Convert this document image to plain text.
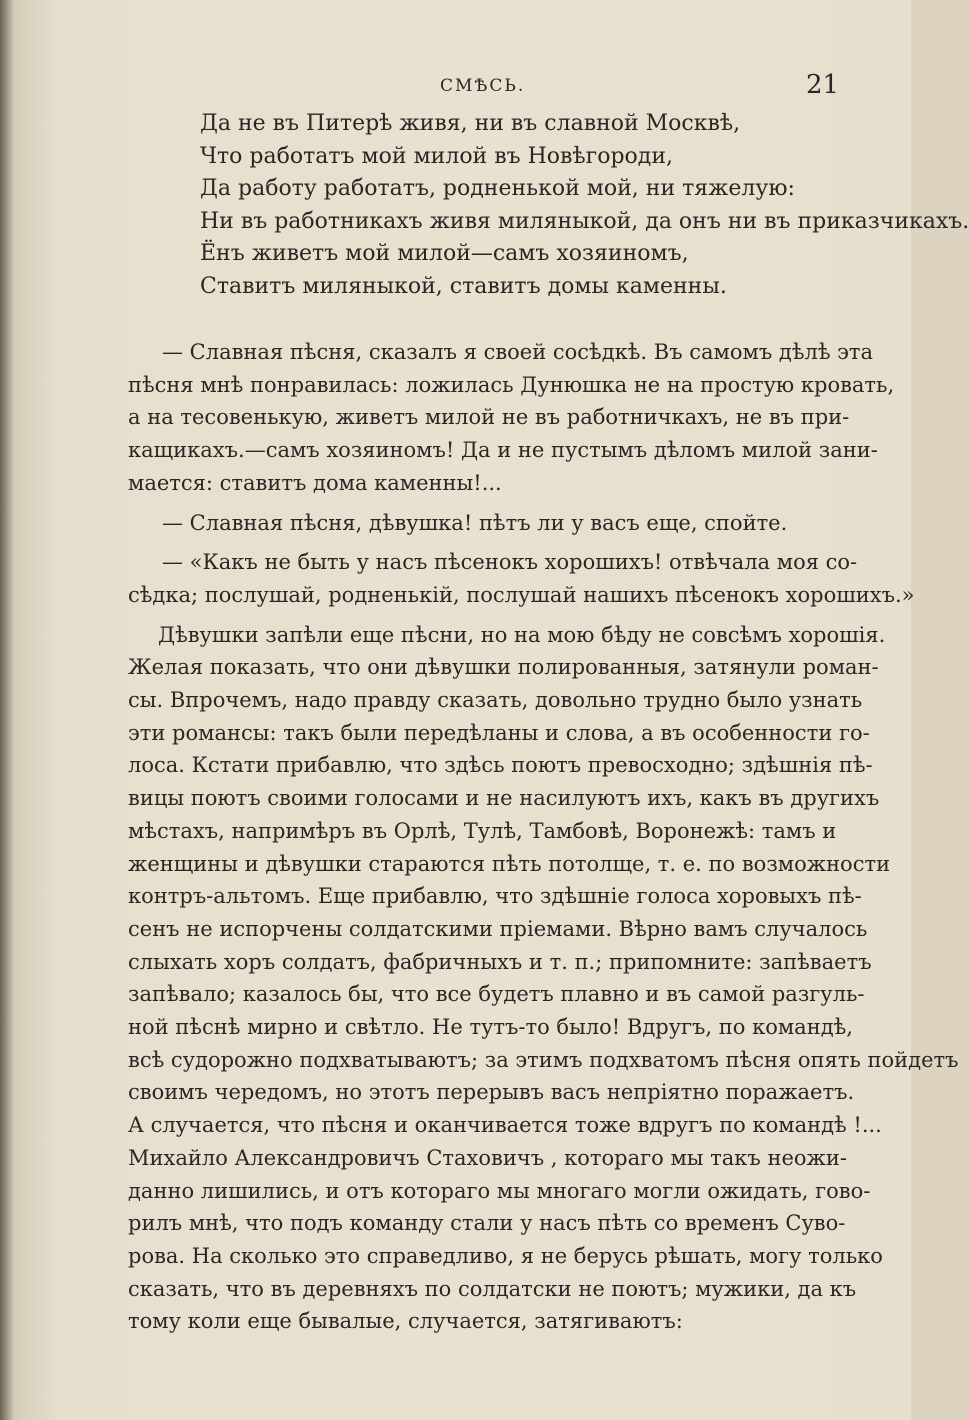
СМѢСЬ.	21
Да не въ Питерѣ живя, ни въ славной Москвѣ,
Что работатъ мой милой въ Новѣгороди,
Да работу работатъ, родненькой мой, ни тяжелую:
Ни въ работникахъ живя миляныкой, да онъ ни въ приказчикахъ.
Ёнъ живетъ мой милой—самъ хозяиномъ,
Ставитъ миляныкой, ставитъ домы каменны.
— Славная пѣсня, сказалъ я своей сосѣдкѣ. Въ самомъ дѣлѣ эта
пѣсня мнѣ понравилась: ложилась Дунюшка не на простую кровать,
а на тесовенькую, живетъ милой не въ работничкахъ, не въ при-
кащикахъ.—самъ хозяиномъ! Да и не пустымъ дѣломъ милой зани-
мается: ставитъ дома каменны!...
— Славная пѣсня, дѣвушка! пѣтъ ли у васъ еще, спойте.
— «Какъ не быть у насъ пѣсенокъ хорошихъ! отвѣчала моя со-
сѣдка; послушай, родненькій, послушай нашихъ пѣсенокъ хорошихъ.»
Дѣвушки запѣли еще пѣсни, но на мою бѣду не совсѣмъ хорошія.
Желая показать, что они дѣвушки полированныя, затянули роман-
сы. Впрочемъ, надо правду сказать, довольно трудно было узнать
эти романсы: такъ были передѣланы и слова, а въ особенности го-
лоса. Кстати прибавлю, что здѣсь поютъ превосходно; здѣшнія пѣ-
вицы поютъ своими голосами и не насилуютъ ихъ, какъ въ другихъ
мѣстахъ, напримѣръ въ Орлѣ, Тулѣ, Тамбовѣ, Воронежѣ: тамъ и
женщины и дѣвушки стараются пѣть потолще, т. е. по возможности
контръ-альтомъ. Еще прибавлю, что здѣшніе голоса хоровыхъ пѣ-
сенъ не испорчены солдатскими пріемами. Вѣрно вамъ случалось
слыхать хоръ солдатъ, фабричныхъ и т. п.; припомните: запѣваетъ
запѣвало; казалось бы, что все будетъ плавно и въ самой разгуль-
ной пѣснѣ мирно и свѣтло. Не тутъ-то было! Вдругъ, по командѣ,
всѣ судорожно подхватываютъ; за этимъ подхватомъ пѣсня опять пойдетъ
своимъ чередомъ, но этотъ перерывъ васъ непріятно поражаетъ.
А случается, что пѣсня и оканчивается тоже вдругъ по командѣ !...
Михайло Александровичъ Стаховичъ , котораго мы такъ неожи-
данно лишились, и отъ котораго мы многаго могли ожидать, гово-
рилъ мнѣ, что подъ команду стали у насъ пѣть со временъ Суво-
рова. На сколько это справедливо, я не берусь рѣшать, могу только
сказать, что въ деревняхъ по солдатски не поютъ; мужики, да къ
тому коли еще бывалые, случается, затягиваютъ:
